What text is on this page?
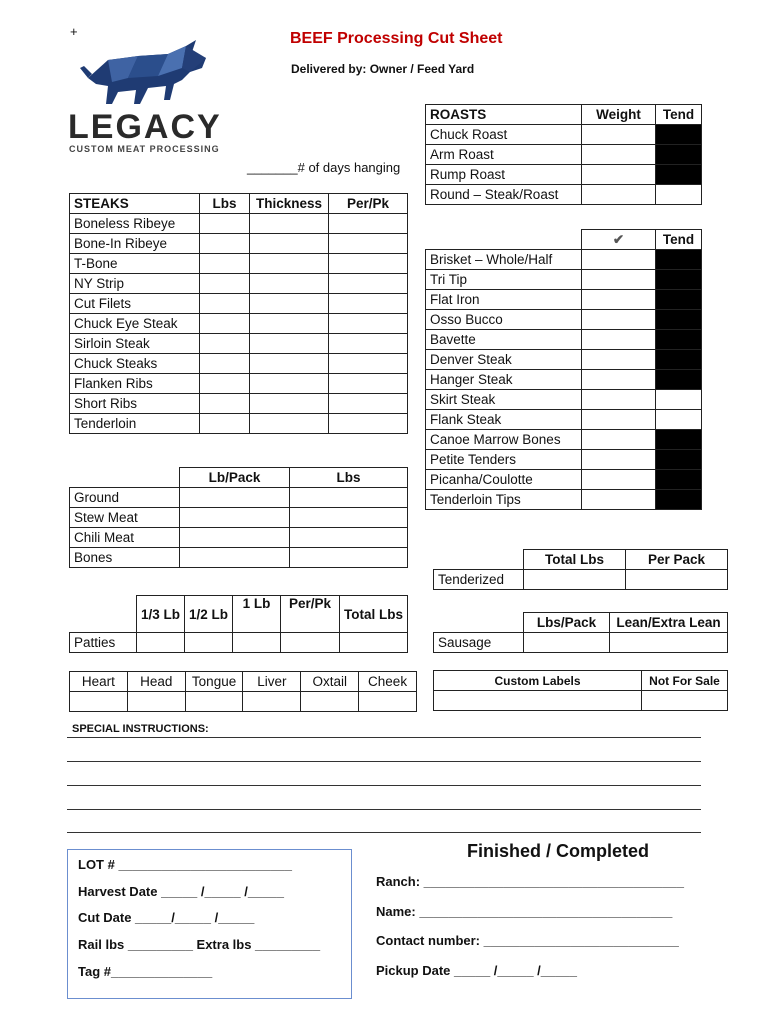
+
LEGACY
CUSTOM MEAT PROCESSING
BEEF Processing Cut Sheet
Delivered by: Owner / Feed Yard
_______# of days hanging
STEAKS	Lbs	Thickness	Per/Pk
Boneless Ribeye			
Bone-In Ribeye			
T-Bone			
NY Strip			
Cut Filets			
Chuck Eye Steak			
Sirloin Steak			
Chuck Steaks			
Flanken Ribs			
Short Ribs			
Tenderloin			
	Lb/Pack	Lbs
Ground		
Stew Meat		
Chili Meat		
Bones		
	1/3 Lb	1/2 Lb	1 Lb	Per/Pk	Total Lbs
Patties					
Heart	Head	Tongue	Liver	Oxtail	Cheek

ROASTS	Weight	Tend
Chuck Roast		
Arm Roast		
Rump Roast		
Round – Steak/Roast		
	✔	Tend
Brisket – Whole/Half		
Tri Tip		
Flat Iron		
Osso Bucco		
Bavette		
Denver Steak		
Hanger Steak		
Skirt Steak		
Flank Steak		
Canoe Marrow Bones		
Petite Tenders		
Picanha/Coulotte		
Tenderloin Tips		
	Total Lbs	Per Pack
Tenderized		
	Lbs/Pack	Lean/Extra Lean
Sausage		
Custom Labels	Not For Sale

SPECIAL INSTRUCTIONS:
LOT # ________________________
Harvest Date _____ /_____ /_____
Cut Date _____/_____ /_____
Rail lbs _________ Extra lbs _________
Tag #______________
Finished / Completed
Ranch: ____________________________________
Name: ___________________________________
Contact number: ___________________________
Pickup Date _____ /_____ /_____
